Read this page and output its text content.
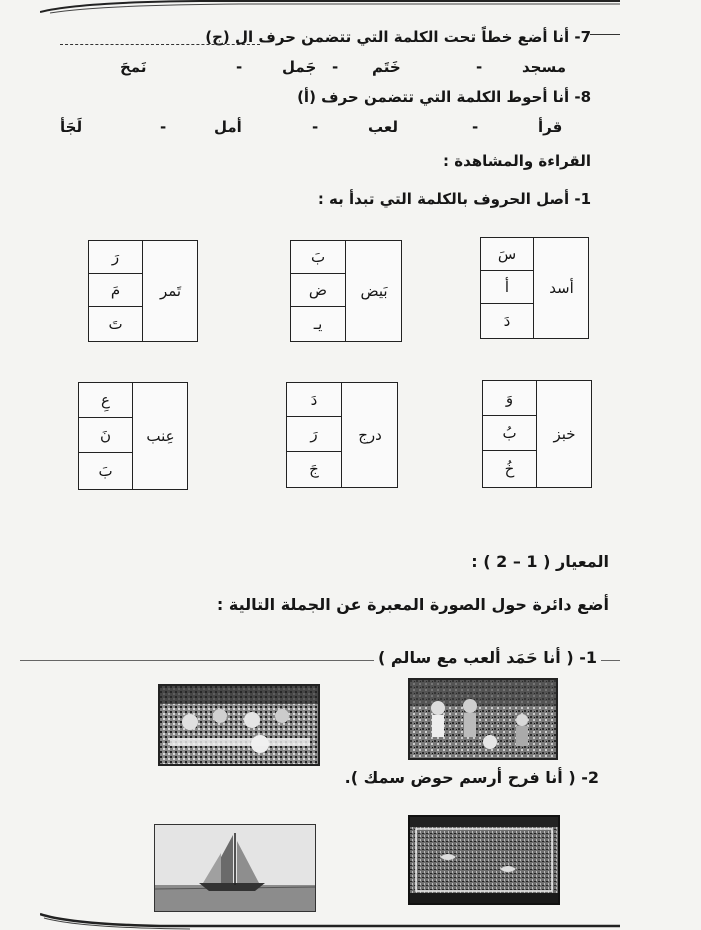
7- أنا أضع خطاً تحت الكلمة التي تتضمن حرف ال (ج)
مسجد
-
خَتَم
-
جَمل
-
نَمحَ
8- أنا أحوط الكلمة التي تتضمن حرف (أ)
قرأ
-
لعب
-
أمل
-
لَجَأ
القراءة والمشاهدة :
1- أصل الحروف بالكلمة التي تبدأ به :
أسد
سَ
أ
دَ
بَيض
بَ
ض
يـ
تَمر
رَ
مَ
تَ
خبز
وَ
بُ
خُ
درج
دَ
رَ
جَ
عِنب
عِ
نَ
بَ
المعيار ( 1 – 2 ) :
أضع دائرة حول الصورة المعبرة عن الجملة التالية :
1- ( أنا حَمَد ألعب مع سالم )
2- ( أنا فرح أرسم حوض سمك ).
